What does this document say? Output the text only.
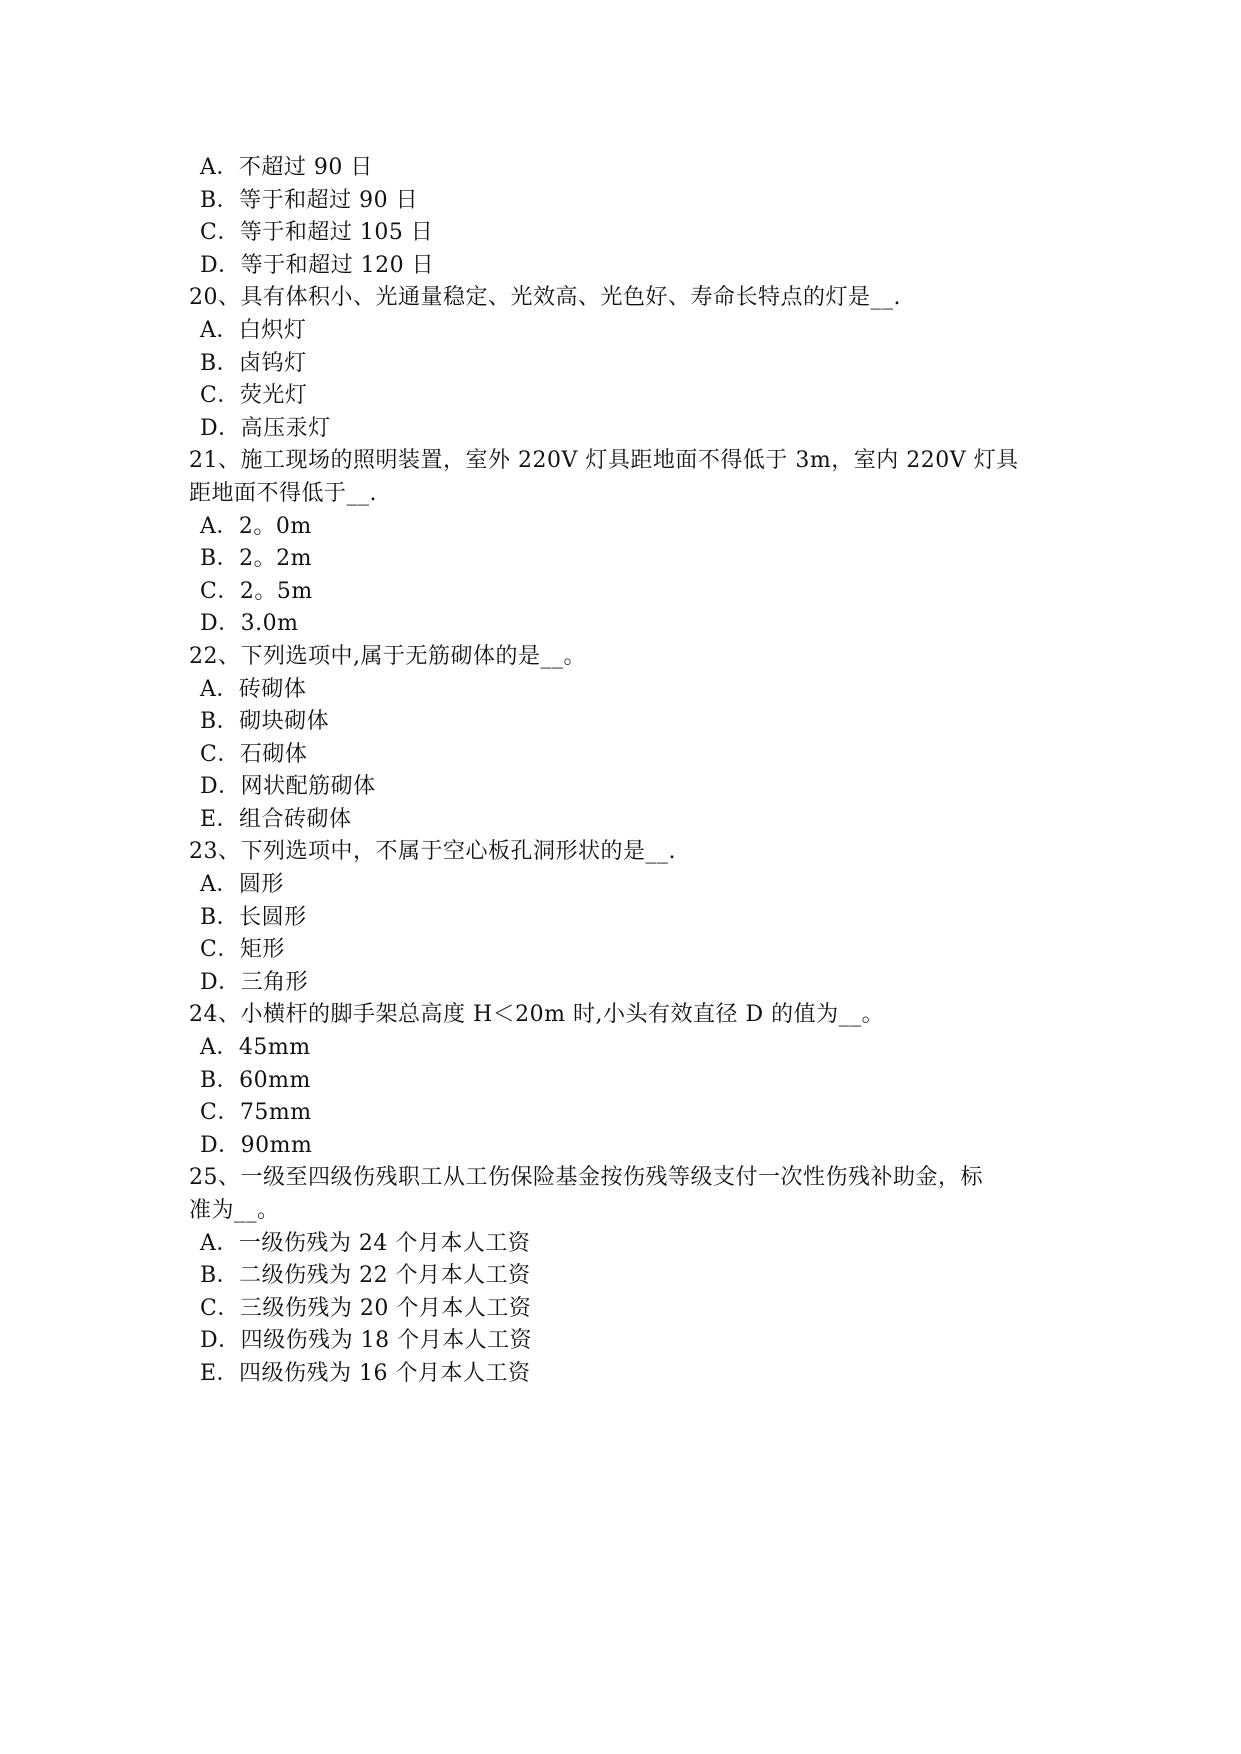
A．不超过 90 日
B．等于和超过 90 日
C．等于和超过 105 日
D．等于和超过 120 日
20、具有体积小、光通量稳定、光效高、光色好、寿命长特点的灯是__.
A．白炽灯
B．卤钨灯
C．荧光灯
D．高压汞灯
21、施工现场的照明装置，室外 220V 灯具距地面不得低于 3m，室内 220V 灯具
距地面不得低于__.
A．2。0m
B．2。2m
C．2。5m
D．3.0m
22、下列选项中,属于无筋砌体的是__。
A．砖砌体
B．砌块砌体
C．石砌体
D．网状配筋砌体
E．组合砖砌体
23、下列选项中，不属于空心板孔洞形状的是__.
A．圆形
B．长圆形
C．矩形
D．三角形
24、小横杆的脚手架总高度 H＜20m 时,小头有效直径 D 的值为__。
A．45mm
B．60mm
C．75mm
D．90mm
25、一级至四级伤残职工从工伤保险基金按伤残等级支付一次性伤残补助金，标
准为__。
A．一级伤残为 24 个月本人工资
B．二级伤残为 22 个月本人工资
C．三级伤残为 20 个月本人工资
D．四级伤残为 18 个月本人工资
E．四级伤残为 16 个月本人工资
